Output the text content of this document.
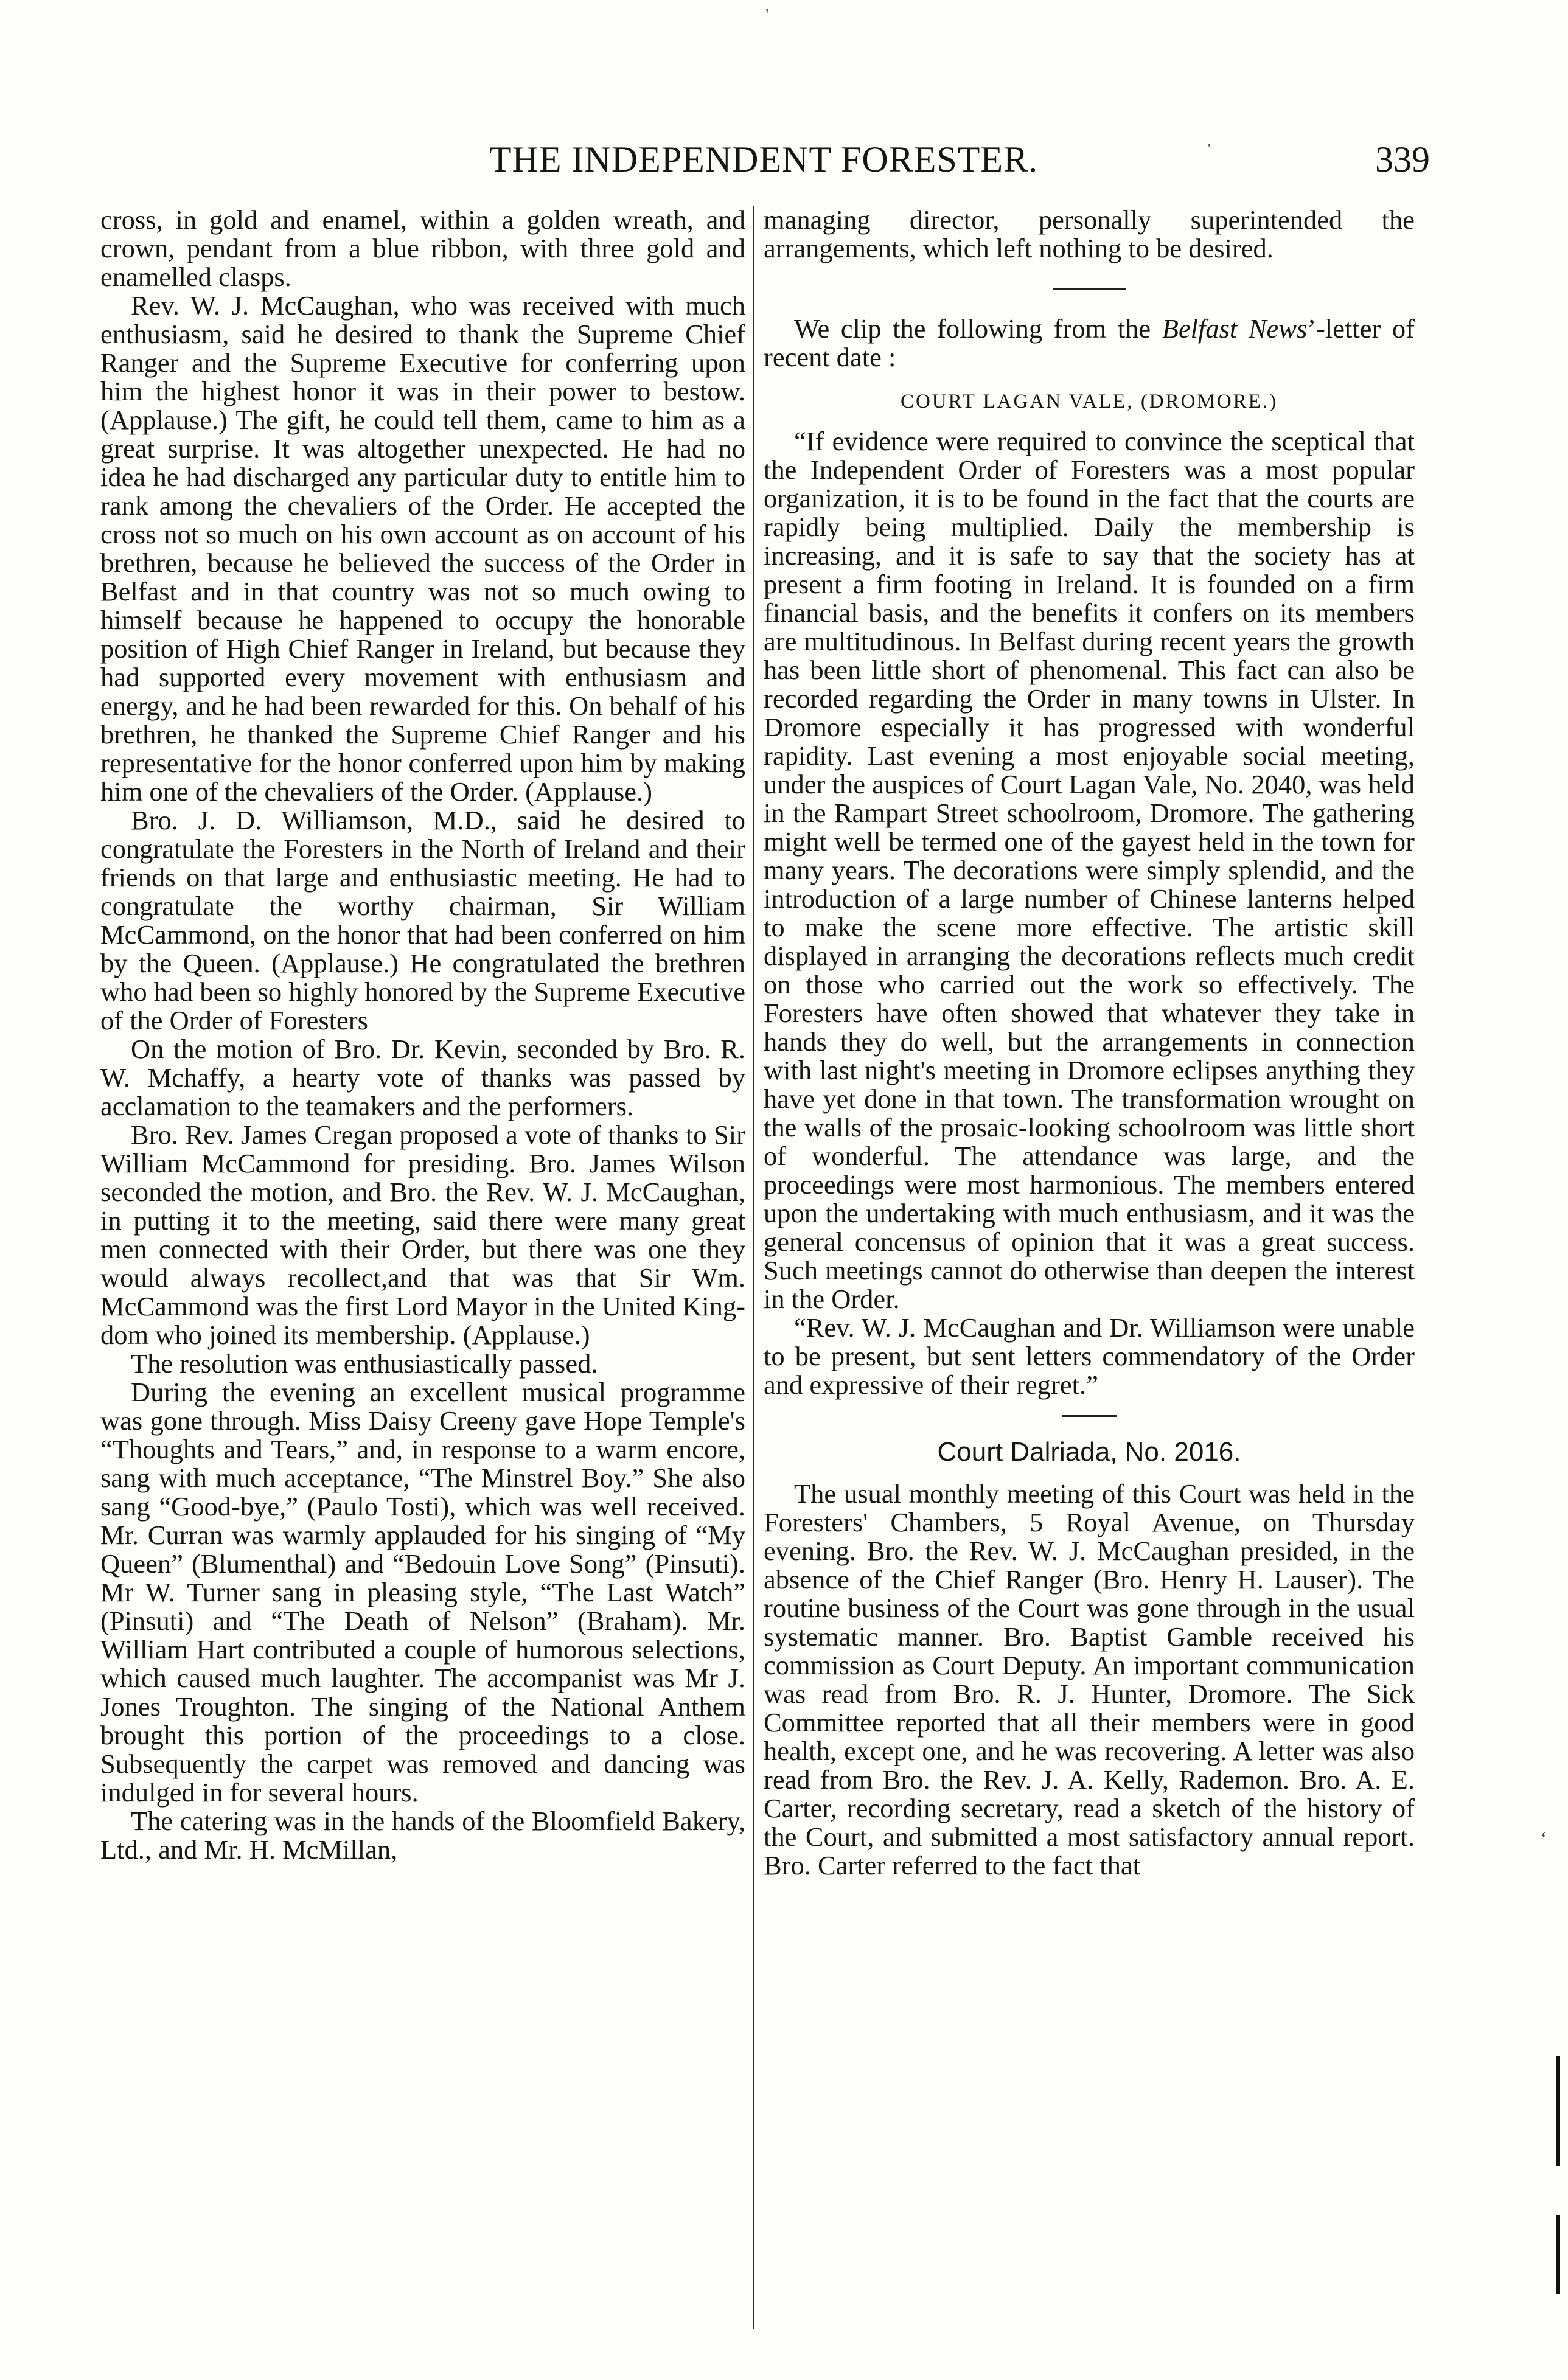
THE INDEPENDENT FORESTER.	339
'
'

cross, in gold and enamel, within a golden wreath, and crown, pendant from a blue ribbon, with three gold and enamelled clasps.

Rev. W. J. McCaughan, who was received with much enthusiasm, said he desired to thank the Supreme Chief Ranger and the Supreme Executive for conferring upon him the highest honor it was in their power to bestow. (Applause.) The gift, he could tell them, came to him as a great surprise. It was altogether unexpected. He had no idea he had discharged any particular duty to entitle him to rank among the chevaliers of the Order. He accepted the cross not so much on his own account as on account of his brethren, because he believed the success of the Order in Belfast and in that country was not so much owing to himself because he happened to occupy the honorable position of High Chief Ranger in Ireland, but because they had supported every movement with enthusiasm and energy, and he had been rewarded for this. On behalf of his brethren, he thanked the Supreme Chief Ranger and his representative for the honor conferred upon him by making him one of the chevaliers of the Order. (Applause.)

Bro. J. D. Williamson, M.D., said he desired to congratulate the Foresters in the North of Ireland and their friends on that large and enthusiastic meeting. He had to congratulate the worthy chairman, Sir William McCammond, on the honor that had been conferred on him by the Queen. (Applause.) He congratulated the brethren who had been so highly honored by the Supreme Executive of the Order of Foresters

On the motion of Bro. Dr. Kevin, seconded by Bro. R. W. Mchaffy, a hearty vote of thanks was passed by acclamation to the teamakers and the performers.

Bro. Rev. James Cregan proposed a vote of thanks to Sir William McCammond for presiding. Bro. James Wilson seconded the motion, and Bro. the Rev. W. J. McCaughan, in putting it to the meeting, said there were many great men connected with their Order, but there was one they would always recollect,and that was that Sir Wm. McCammond was the first Lord Mayor in the United Kingdom who joined its membership. (Applause.)

The resolution was enthusiastically passed.

During the evening an excellent musical programme was gone through. Miss Daisy Creeny gave Hope Temple's “Thoughts and Tears,” and, in response to a warm encore, sang with much acceptance, “The Minstrel Boy.” She also sang “Good-bye,” (Paulo Tosti), which was well received. Mr. Curran was warmly applauded for his singing of “My Queen” (Blumenthal) and “Bedouin Love Song” (Pinsuti). Mr W. Turner sang in pleasing style, “The Last Watch” (Pinsuti) and “The Death of Nelson” (Braham). Mr. William Hart contributed a couple of humorous selections, which caused much laughter. The accompanist was Mr J. Jones Troughton. The singing of the National Anthem brought this portion of the proceedings to a close. Subsequently the carpet was removed and dancing was indulged in for several hours.

The catering was in the hands of the Bloomfield Bakery, Ltd., and Mr. H. McMillan,

managing director, personally superintended the arrangements, which left nothing to be desired.

We clip the following from the Belfast News’-letter of recent date :

COURT LAGAN VALE, (DROMORE.)

“If evidence were required to convince the sceptical that the Independent Order of Foresters was a most popular organization, it is to be found in the fact that the courts are rapidly being multiplied. Daily the membership is increasing, and it is safe to say that the society has at present a firm footing in Ireland. It is founded on a firm financial basis, and the benefits it confers on its members are multitudinous. In Belfast during recent years the growth has been little short of phenomenal. This fact can also be recorded regarding the Order in many towns in Ulster. In Dromore especially it has progressed with wonderful rapidity. Last evening a most enjoyable social meeting, under the auspices of Court Lagan Vale, No. 2040, was held in the Rampart Street schoolroom, Dromore. The gathering might well be termed one of the gayest held in the town for many years. The decorations were simply splendid, and the introduction of a large number of Chinese lanterns helped to make the scene more effective. The artistic skill displayed in arranging the decorations reflects much credit on those who carried out the work so effectively. The Foresters have often showed that whatever they take in hands they do well, but the arrangements in connection with last night's meeting in Dromore eclipses anything they have yet done in that town. The transformation wrought on the walls of the prosaic-looking schoolroom was little short of wonderful. The attendance was large, and the proceedings were most harmonious. The members entered upon the undertaking with much enthusiasm, and it was the general concensus of opinion that it was a great success. Such meetings cannot do otherwise than deepen the interest in the Order.

“Rev. W. J. McCaughan and Dr. Williamson were unable to be present, but sent letters commendatory of the Order and expressive of their regret.”

Court Dalriada, No. 2016.

The usual monthly meeting of this Court was held in the Foresters' Chambers, 5 Royal Avenue, on Thursday evening. Bro. the Rev. W. J. McCaughan presided, in the absence of the Chief Ranger (Bro. Henry H. Lauser). The routine business of the Court was gone through in the usual systematic manner. Bro. Baptist Gamble received his commission as Court Deputy. An important communication was read from Bro. R. J. Hunter, Dromore. The Sick Committee reported that all their members were in good health, except one, and he was recovering. A letter was also read from Bro. the Rev. J. A. Kelly, Rademon. Bro. A. E. Carter, recording secretary, read a sketch of the history of the Court, and submitted a most satisfactory annual report. Bro. Carter referred to the fact that

‘
